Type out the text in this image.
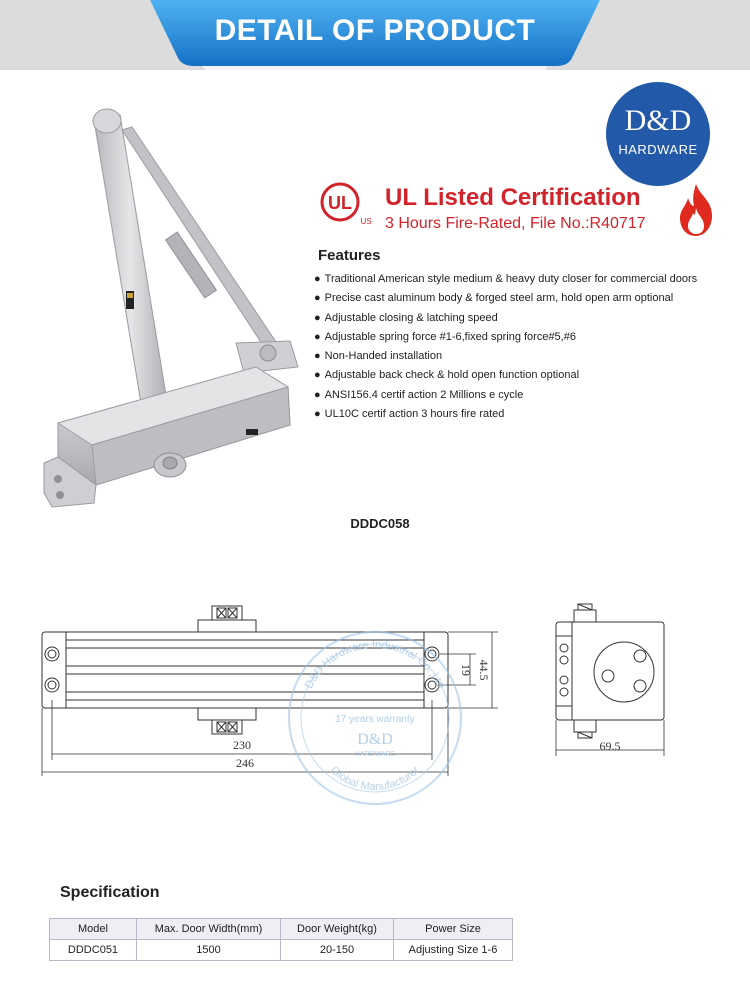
DETAIL OF PRODUCT
D&D
HARDWARE
UL
US
UL Listed Certification
3 Hours Fire-Rated, File No.:R40717
Features
● Traditional American style medium & heavy duty closer for commercial doors
● Precise cast aluminum body & forged steel arm, hold open arm optional
● Adjustable closing & latching speed
● Adjustable spring force #1-6,fixed spring force#5,#6
● Non-Handed installation
● Adjustable back check & hold open function optional
● ANSI156.4 certif action 2 Millions e cycle
● UL10C certif action 3 hours fire rated
DDDC058
230
246
19 44.5
69.5
D&D Hardware Industrial Co.,Ltd
Global Manufacturer
17 years warranty
D&D
HARDWARE
Specification
Model	Max. Door Width(mm)	Door Weight(kg)	Power Size
DDDC051	1500	20-150	Adjusting Size 1-6
